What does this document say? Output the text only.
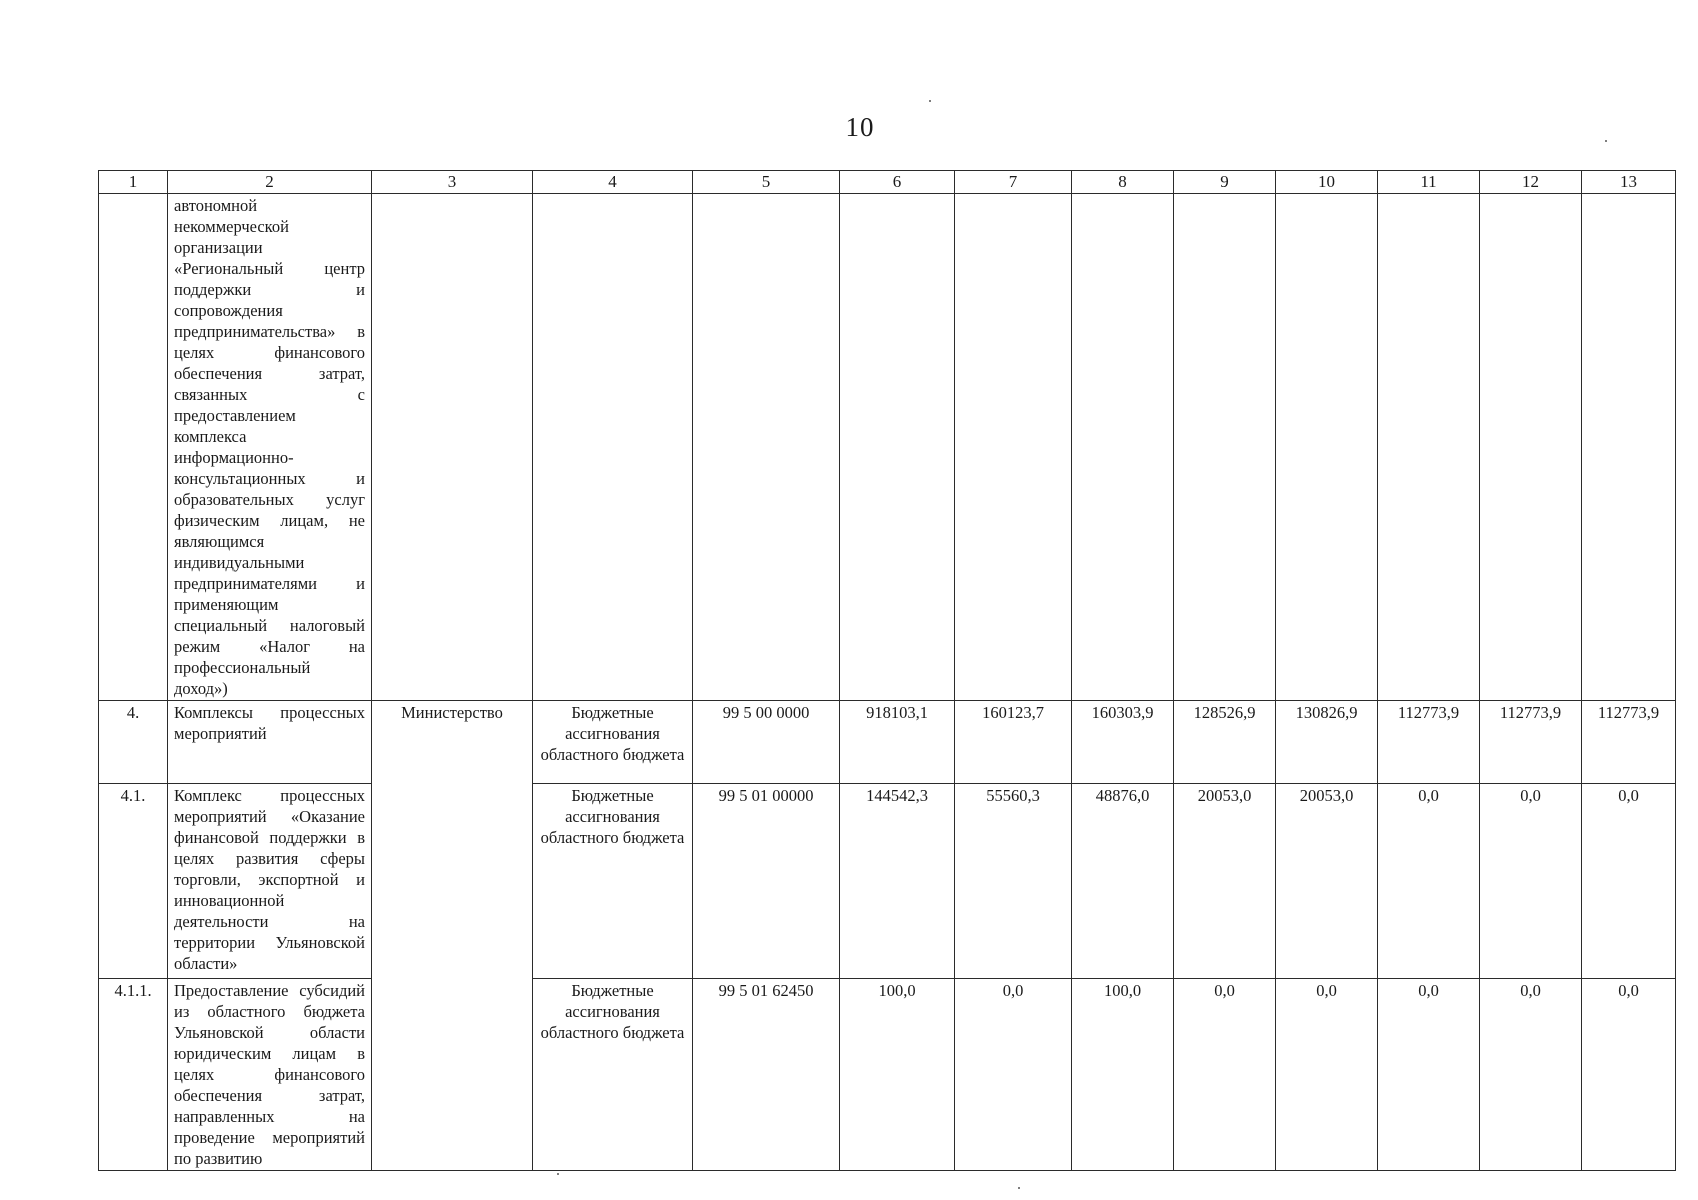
10
1	2	3	4	5	6	7	8	9	10	11	12	13
	автономной некоммерческой организации «Региональный центр поддержки и сопровождения предпринимательства» в целях финансового обеспечения затрат, связанных с предоставлением комплекса информационно-консультационных и образовательных услуг физическим лицам, не являющимся индивидуальными предпринимателями и применяющим специальный налоговый режим «Налог на профессиональный доход»)											
4.	Комплексы процессных мероприятий	Министерство	Бюджетные ассигнования областного бюджета	99 5 00 0000	918103,1	160123,7	160303,9	128526,9	130826,9	112773,9	112773,9	112773,9
4.1.	Комплекс процессных мероприятий «Оказание финансовой поддержки в целях развития сферы торговли, экспортной и инновационной деятельности на территории Ульяновской области»		Бюджетные ассигнования областного бюджета	99 5 01 00000	144542,3	55560,3	48876,0	20053,0	20053,0	0,0	0,0	0,0
4.1.1.	Предоставление субсидий из областного бюджета Ульяновской области юридическим лицам в целях финансового обеспечения затрат, направленных на проведение мероприятий по развитию		Бюджетные ассигнования областного бюджета	99 5 01 62450	100,0	0,0	100,0	0,0	0,0	0,0	0,0	0,0
